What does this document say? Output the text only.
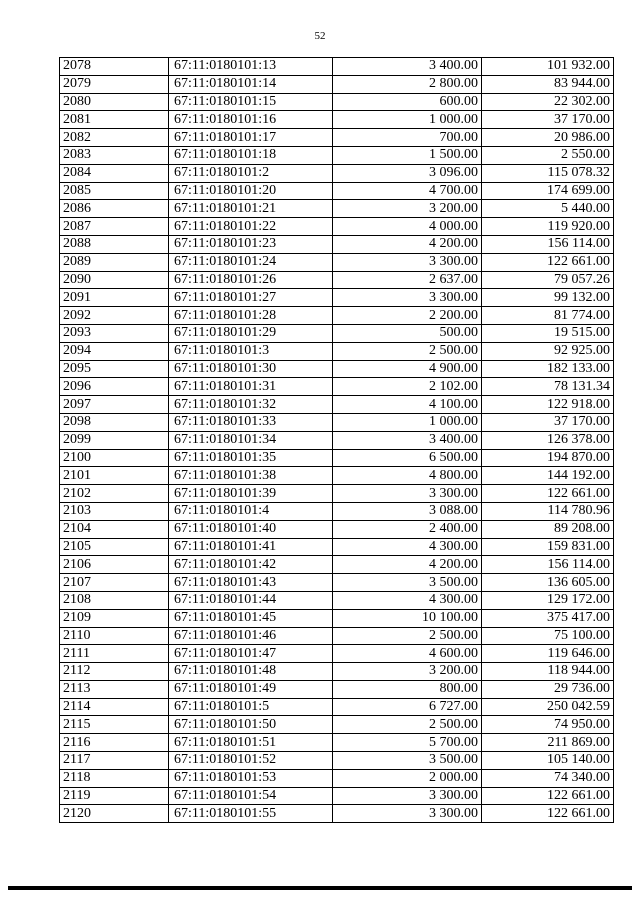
52
2078	67:11:0180101:13	3 400.00	101 932.00
2079	67:11:0180101:14	2 800.00	83 944.00
2080	67:11:0180101:15	600.00	22 302.00
2081	67:11:0180101:16	1 000.00	37 170.00
2082	67:11:0180101:17	700.00	20 986.00
2083	67:11:0180101:18	1 500.00	2 550.00
2084	67:11:0180101:2	3 096.00	115 078.32
2085	67:11:0180101:20	4 700.00	174 699.00
2086	67:11:0180101:21	3 200.00	5 440.00
2087	67:11:0180101:22	4 000.00	119 920.00
2088	67:11:0180101:23	4 200.00	156 114.00
2089	67:11:0180101:24	3 300.00	122 661.00
2090	67:11:0180101:26	2 637.00	79 057.26
2091	67:11:0180101:27	3 300.00	99 132.00
2092	67:11:0180101:28	2 200.00	81 774.00
2093	67:11:0180101:29	500.00	19 515.00
2094	67:11:0180101:3	2 500.00	92 925.00
2095	67:11:0180101:30	4 900.00	182 133.00
2096	67:11:0180101:31	2 102.00	78 131.34
2097	67:11:0180101:32	4 100.00	122 918.00
2098	67:11:0180101:33	1 000.00	37 170.00
2099	67:11:0180101:34	3 400.00	126 378.00
2100	67:11:0180101:35	6 500.00	194 870.00
2101	67:11:0180101:38	4 800.00	144 192.00
2102	67:11:0180101:39	3 300.00	122 661.00
2103	67:11:0180101:4	3 088.00	114 780.96
2104	67:11:0180101:40	2 400.00	89 208.00
2105	67:11:0180101:41	4 300.00	159 831.00
2106	67:11:0180101:42	4 200.00	156 114.00
2107	67:11:0180101:43	3 500.00	136 605.00
2108	67:11:0180101:44	4 300.00	129 172.00
2109	67:11:0180101:45	10 100.00	375 417.00
2110	67:11:0180101:46	2 500.00	75 100.00
2111	67:11:0180101:47	4 600.00	119 646.00
2112	67:11:0180101:48	3 200.00	118 944.00
2113	67:11:0180101:49	800.00	29 736.00
2114	67:11:0180101:5	6 727.00	250 042.59
2115	67:11:0180101:50	2 500.00	74 950.00
2116	67:11:0180101:51	5 700.00	211 869.00
2117	67:11:0180101:52	3 500.00	105 140.00
2118	67:11:0180101:53	2 000.00	74 340.00
2119	67:11:0180101:54	3 300.00	122 661.00
2120	67:11:0180101:55	3 300.00	122 661.00
